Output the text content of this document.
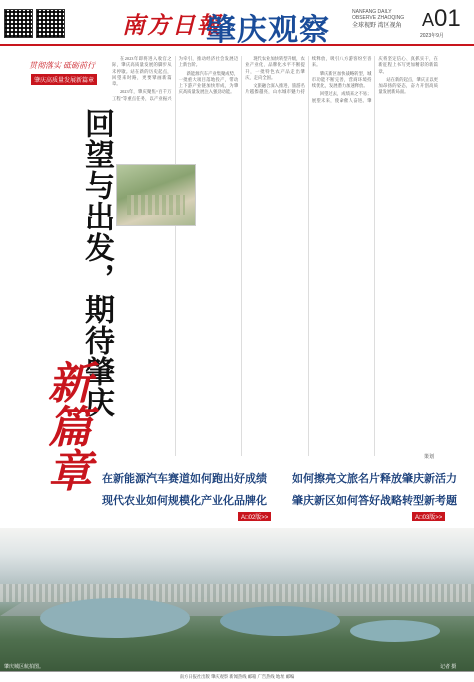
南方日報
肇庆观察
NANFANG DAILY
OBSERVE ZHAOQING
全球视野 湾区视角	A01
2023年9月
贯彻落实 砥砺前行
肇庆高质量发展新篇章
回望与出发，期待肇庆
新篇章

在2023年即将进入收官之际，肇庆高质量发展的脚步从未停歇。站在新的历史起点，回望来时路，更要擘画新篇章。

2023年，肇庆聚焦“百千万工程”等重点任务，以产业振兴为牵引，推动经济社会发展迈上新台阶。

新能源汽车产业集聚成势，一批重大项目落地投产，带动上下游产业链加快形成，为肇庆高质量发展注入强劲动能。

现代农业加快转型升级，农业产业化、品牌化水平不断提升，一批特色农产品走出肇庆、走向全国。

文旅融合深入推进，旅游名片越擦越亮，山水城市魅力持续释放，吸引八方游客纷至沓来。

肇庆新区加快战略转型，城市功能不断完善，营商环境持续优化，发展潜力加速释放。

回望过去，成绩来之不易；展望未来，使命催人奋进。肇庆将坚定信心、真抓实干，在新征程上书写更加精彩的新篇章。

站在新的起点，肇庆正以更加昂扬的姿态，奋力开创高质量发展新局面。

策划
在新能源汽车赛道如何跑出好成绩 如何擦亮文旅名片释放肇庆新活力
现代农业如何规模化产业化品牌化 肇庆新区如何答好战略转型新考题
A□02版>>	A□03版>>
肇庆城区航拍图。	记者 摄
南方日报社出版 肇庆观察 新闻热线 邮箱 广告热线 地址 邮编
